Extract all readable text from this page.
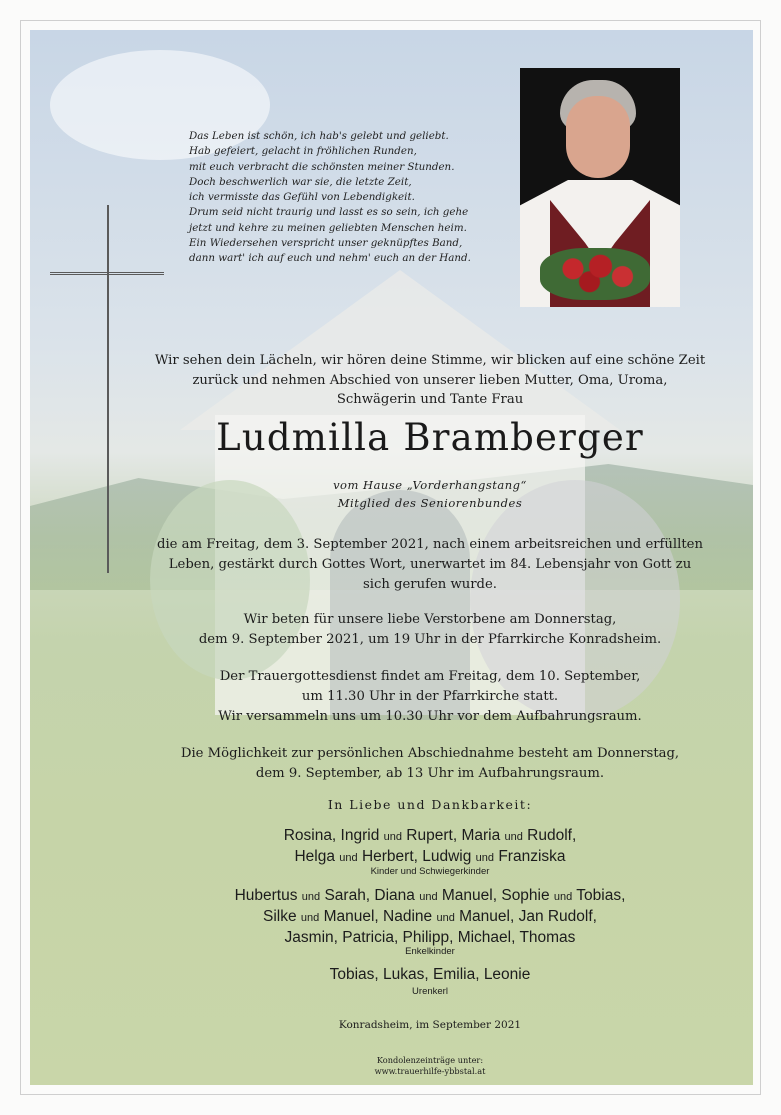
Das Leben ist schön, ich hab's gelebt und geliebt.
Hab gefeiert, gelacht in fröhlichen Runden,
mit euch verbracht die schönsten meiner Stunden.
Doch beschwerlich war sie, die letzte Zeit,
ich vermisste das Gefühl von Lebendigkeit.
Drum seid nicht traurig und lasst es so sein, ich gehe
jetzt und kehre zu meinen geliebten Menschen heim.
Ein Wiedersehen verspricht unser geknüpftes Band,
dann wart' ich auf euch und nehm' euch an der Hand.
Wir sehen dein Lächeln, wir hören deine Stimme, wir blicken auf eine schöne Zeit
zurück und nehmen Abschied von unserer lieben Mutter, Oma, Uroma,
Schwägerin und Tante Frau
Ludmilla Bramberger
vom Hause „Vorderhangstang“
Mitglied des Seniorenbundes
die am Freitag, dem 3. September 2021, nach einem arbeitsreichen und erfüllten
Leben, gestärkt durch Gottes Wort, unerwartet im 84. Lebensjahr von Gott zu
sich gerufen wurde.
Wir beten für unsere liebe Verstorbene am Donnerstag,
dem 9. September 2021, um 19 Uhr in der Pfarrkirche Konradsheim.
Der Trauergottesdienst findet am Freitag, dem 10. September,
um 11.30 Uhr in der Pfarrkirche statt.
Wir versammeln uns um 10.30 Uhr vor dem Aufbahrungsraum.
Die Möglichkeit zur persönlichen Abschiednahme besteht am Donnerstag,
dem 9. September, ab 13 Uhr im Aufbahrungsraum.
In Liebe und Dankbarkeit:
Rosina, Ingrid und Rupert, Maria und Rudolf,
Helga und Herbert, Ludwig und Franziska
Kinder und Schwiegerkinder
Hubertus und Sarah, Diana und Manuel, Sophie und Tobias,
Silke und Manuel, Nadine und Manuel, Jan Rudolf,
Jasmin, Patricia, Philipp, Michael, Thomas
Enkelkinder
Tobias, Lukas, Emilia, Leonie
Urenkerl
Konradsheim, im September 2021
Kondolenzeinträge unter:
www.trauerhilfe-ybbstal.at
